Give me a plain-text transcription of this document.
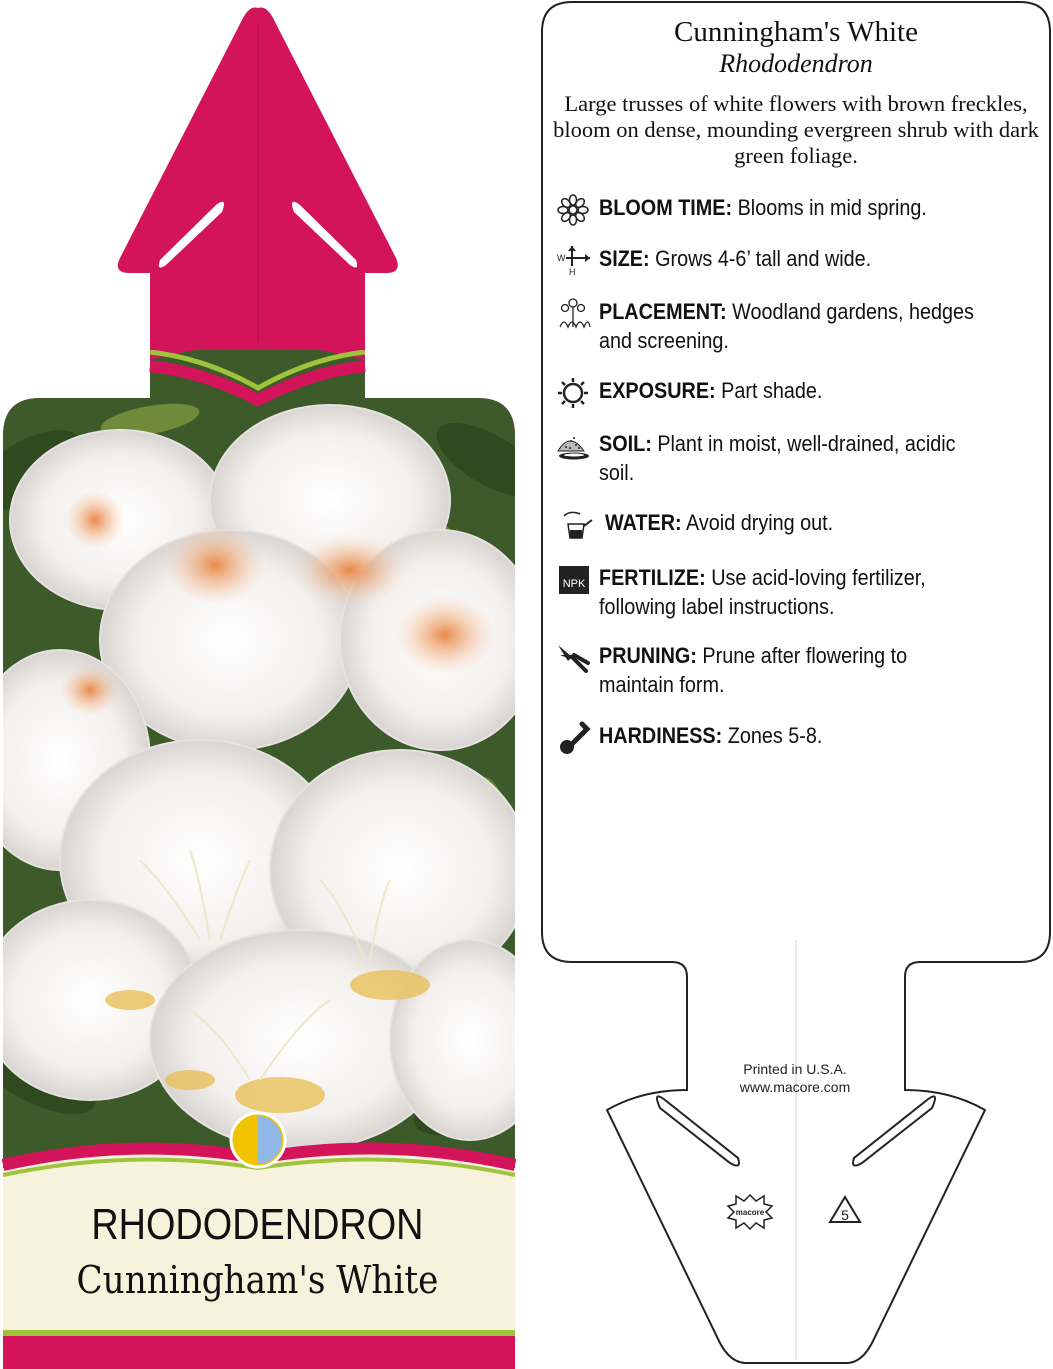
RHODODENDRON
Cunningham's White
macore	5
Cunningham's White
Rhododendron
Large trusses of white flowers with brown freckles, bloom on dense, mounding evergreen shrub with dark green foliage.
BLOOM TIME: Blooms in mid spring.
W
H
SIZE: Grows 4-6’ tall and wide.
PLACEMENT: Woodland gardens, hedges
and screening.
EXPOSURE: Part shade.
SOIL: Plant in moist, well-drained, acidic
soil.
WATER: Avoid drying out.
NPK FERTILIZE: Use acid-loving fertilizer,
following label instructions.
PRUNING: Prune after flowering to
maintain form.
HARDINESS: Zones 5-8.
Printed in U.S.A.
www.macore.com
